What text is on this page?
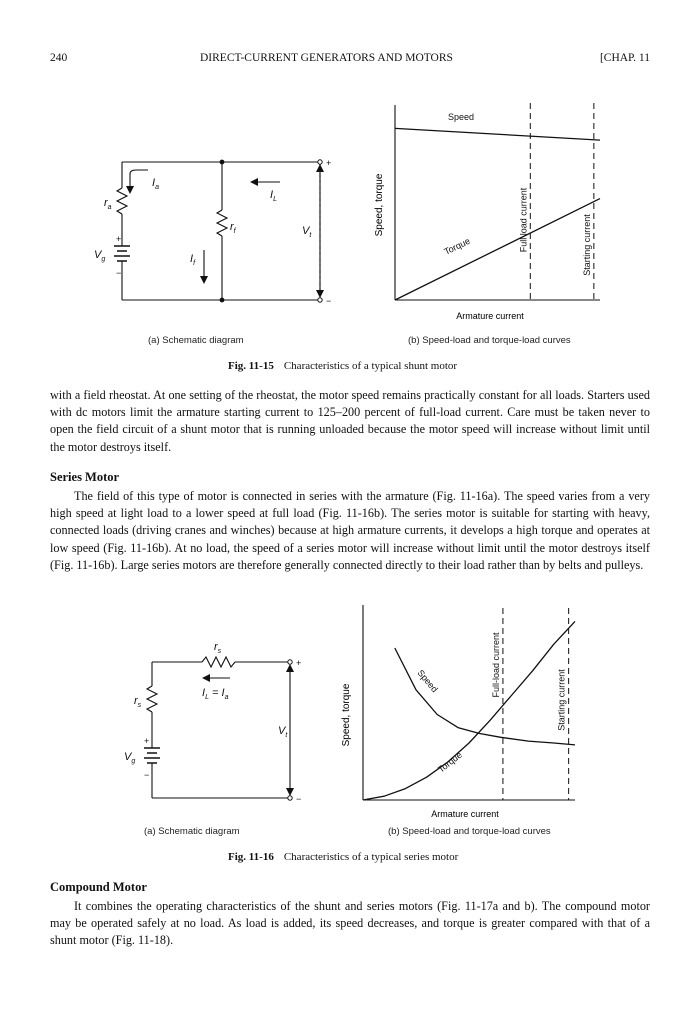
240	DIRECT-CURRENT GENERATORS AND MOTORS	[CHAP. 11
$r_a$
$I_a$
$I_L$
$r_f$
$I_f$
$V_t$
$V_g$
+
−
+
−
(a) Schematic diagram
Speed, torque
Armature current
Full load current	Starting current
Speed
Torque
(b) Speed-load and torque-load curves
Fig. 11-15 Characteristics of a typical shunt motor

with a field rheostat. At one setting of the rheostat, the motor speed remains practically constant for all loads. Starters used with dc motors limit the armature starting current to 125–200 percent of full-load current. Care must be taken never to open the field circuit of a shunt motor that is running unloaded because the motor speed will increase without limit until the motor destroys itself.

Series Motor

The field of this type of motor is connected in series with the armature (Fig. 11-16a). The speed varies from a very high speed at light load to a lower speed at full load (Fig. 11-16b). The series motor is suitable for starting with heavy, connected loads (driving cranes and winches) because at high armature currents, it develops a high torque and operates at low speed (Fig. 11-16b). At no load, the speed of a series motor will increase without limit until the motor destroys itself (Fig. 11-16b). Large series motors are therefore generally connected directly to their load rather than by belts and pulleys.

$r_s$
$r_s$
$I_L = I_a$
$V_t$
$V_g$
+
−
+
−
(a) Schematic diagram
Speed, torque
Armature current
Full-load current
Starting current
Speed
Torque
(b) Speed-load and torque-load curves
Fig. 11-16 Characteristics of a typical series motor

Compound Motor

It combines the operating characteristics of the shunt and series motors (Fig. 11-17a and b). The compound motor may be operated safely at no load. As load is added, its speed decreases, and torque is greater compared with that of a shunt motor (Fig. 11-18).
